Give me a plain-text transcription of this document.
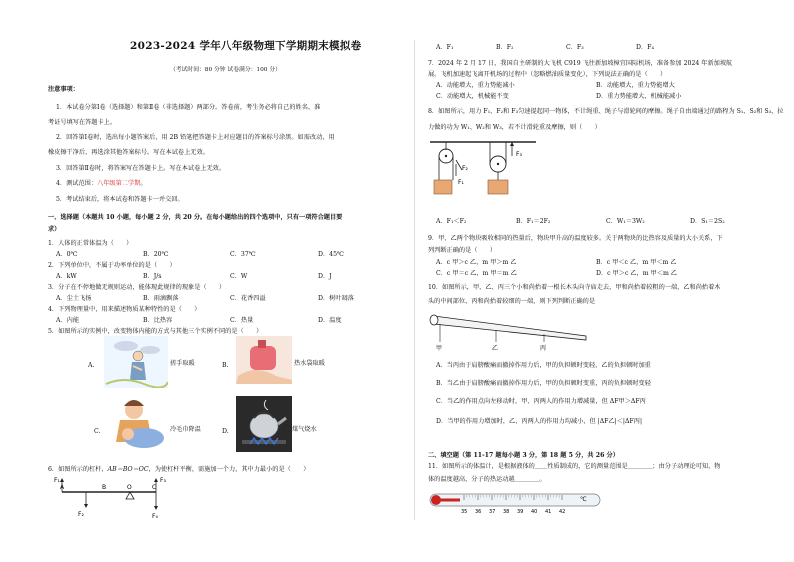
2023-2024 学年八年级物理下学期期末模拟卷
（考试时间：80 分钟 试卷满分：100 分）
注意事项：
1．本试卷分第Ⅰ卷（选择题）和第Ⅱ卷（非选择题）两部分。答卷前，考生务必将自己的姓名、准
考证号填写在答题卡上。
2．回答第Ⅰ卷时，选出每小题答案后，用 2B 铅笔把答题卡上对应题目的答案标号涂黑。如需改动，用
橡皮擦干净后，再选涂其他答案标号。写在本试卷上无效。
3．回答第Ⅱ卷时，将答案写在答题卡上。写在本试卷上无效。
4．测试范围：八年级第二学期。
5．考试结束后，将本试卷和答题卡一并交回。
一、选择题（本题共 10 小题，每小题 2 分，共 20 分。在每小题给出的四个选项中，只有一项符合题目要
求）
1．人体的正常体温为（　　）
A．0℃	B．20℃	C．37℃	D．45℃
2．下列单位中，不属于功率单位的是（　　）
A．kW	B．J/s	C．W	D．J
3．分子在不停地做无规则运动，能体现此规律的现象是（　　）
A．尘土飞扬	B．雨滴飘落	C．花香四溢	D．树叶凋落
4．下列物理量中，用来描述物质某种特性的是（　　）
A．内能	B．比热容	C．热量	D．温度
5．如图所示的实例中，改变物体内能的方式与其他三个实例不同的是（　　）
A.	搓手取暖	B.	热水袋取暖
C.	冷毛巾降温	D.	煤气烧水
6．如图所示的杠杆，AB＝BO＝OC，为使杠杆平衡，需施加一个力，其中力最小的是（　　）
F₁
A	B	O	C
F₃
F₂	F₄
A．F₁	B．F₂	C．F₃	D．F₄
7．2024 年 2 月 17 日，我国自主研制的大飞机 C919 飞往新加坡樟宜国际机场，准备参加 2024 年新加坡航
展。飞机加速起飞离开机场的过程中（忽略燃油质量变化），下列说法正确的是（　　）
A．动能增大，重力势能减小	B．动能增大，重力势能增大
C．动能增大，机械能不变	D．重力势能增大，机械能减小
8．如图所示，用力 F₁、F₂和 F₃匀速提起同一物体，不计绳重、绳子与滑轮间的摩擦。绳子自由端通过的路程为 S₁、S₂和 S₃，拉
力做的功为 W₁、W₂和 W₃，若不计滑轮重及摩擦，则（　　）
F₂
F₁
F₃
A．F₁＜F₂	B．F₁＝2F₂	C．W₁＝3W₂	D．S₁＝2S₂
9．甲、乙两个物块吸收相同的热量后，物块甲升高的温度较多。关于两物块的比热容及质量的大小关系，下
列判断正确的是（　　）
A．c 甲＞c 乙，m 甲＞m 乙	B．c 甲＜c 乙，m 甲＜m 乙
C．c 甲＝c 乙，m 甲＝m 乙	D．c 甲＞c 乙，m 甲＜m 乙
10．如图所示，甲、乙、丙三个小和尚抬着一根长木头向寺庙走去，甲和尚抬着较粗的一端，乙和尚抬着木
头的中间部位，丙和尚抬着较细的一端，则下列判断正确的是
甲	乙	丙
A．当丙由于肩膀酸痛而撤掉作用力后，甲的负担顿时变轻，乙的负担顿时加重
B．当乙由于肩膀酸痛而撤掉作用力后，甲的负担顿时变重，丙的负担顿时变轻
C．当乙的作用点向左移动时，甲、丙两人的作用力增减量，但 ΔF甲＞ΔF丙
D．当甲的作用力增加时，乙、丙两人的作用力均减小，但 |ΔF乙|＜|ΔF丙|
二、填空题（第 11-17 题每小题 3 分，第 18 题 5 分，共 26 分）
11．如图所示的体温计，是根据液体的＿＿性质制成的，它的测量范围是＿＿＿＿；由分子动理论可知，物
体的温度越高，分子的热运动越＿＿＿＿。
35 36 37 38 39 40 41 42
℃
